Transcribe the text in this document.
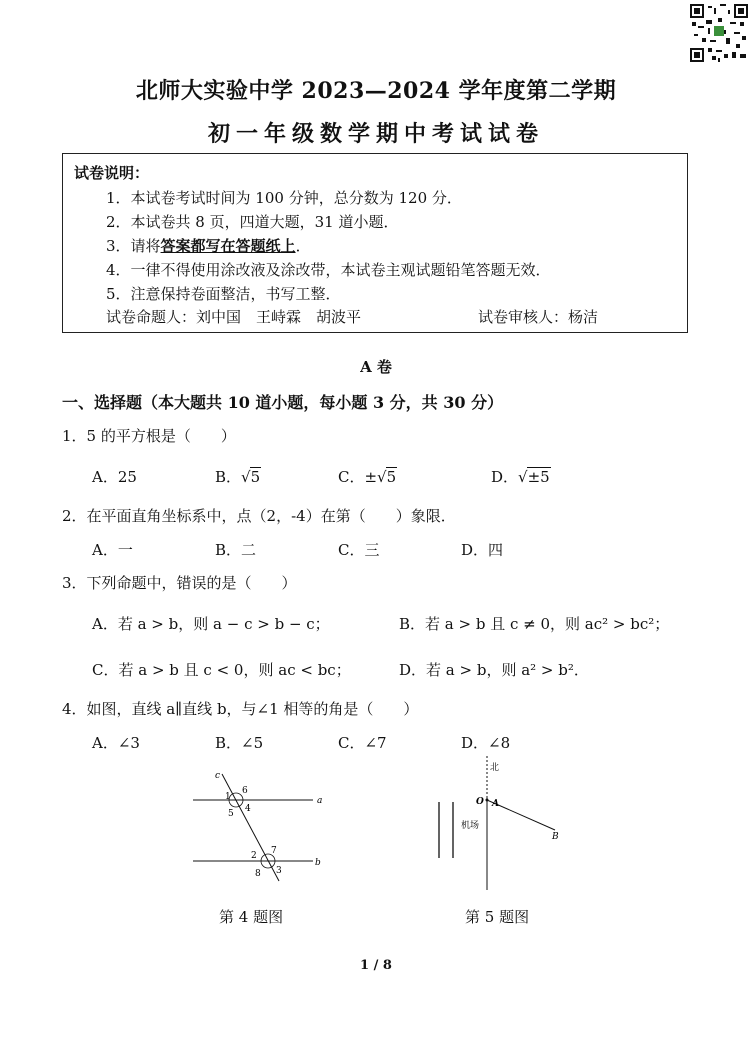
北师大实验中学 2023—2024 学年度第二学期
初一年级数学期中考试试卷
试卷说明：
1．本试卷考试时间为 100 分钟，总分数为 120 分．
2．本试卷共 8 页，四道大题，31 道小题．
3．请将答案都写在答题纸上．
4．一律不得使用涂改液及涂改带，本试卷主观试题铅笔答题无效．
5．注意保持卷面整洁，书写工整．
试卷命题人：刘中国　王峙霖　胡波平	试卷审核人：杨洁
A 卷
一、选择题（本大题共 10 道小题，每小题 3 分，共 30 分）
1．5 的平方根是（　　）
A．25	B．√5	C．±√5	D．√±5
2．在平面直角坐标系中，点（2，-4）在第（　　）象限．
A．一	B．二	C．三	D．四
3．下列命题中，错误的是（　　）
A．若 a > b，则 a − c > b − c；	B．若 a > b 且 c ≠ 0，则 ac² > bc²；
C．若 a > b 且 c < 0，则 ac < bc；	D．若 a > b，则 a² > b²．
4．如图，直线 a∥直线 b，与∠1 相等的角是（　　）
A．∠3	B．∠5	C．∠7	D．∠8
c
1
6
4
5
a
2 7
8 3
b
第 4 题图
北
O A
机场
B
第 5 题图
1 / 8
